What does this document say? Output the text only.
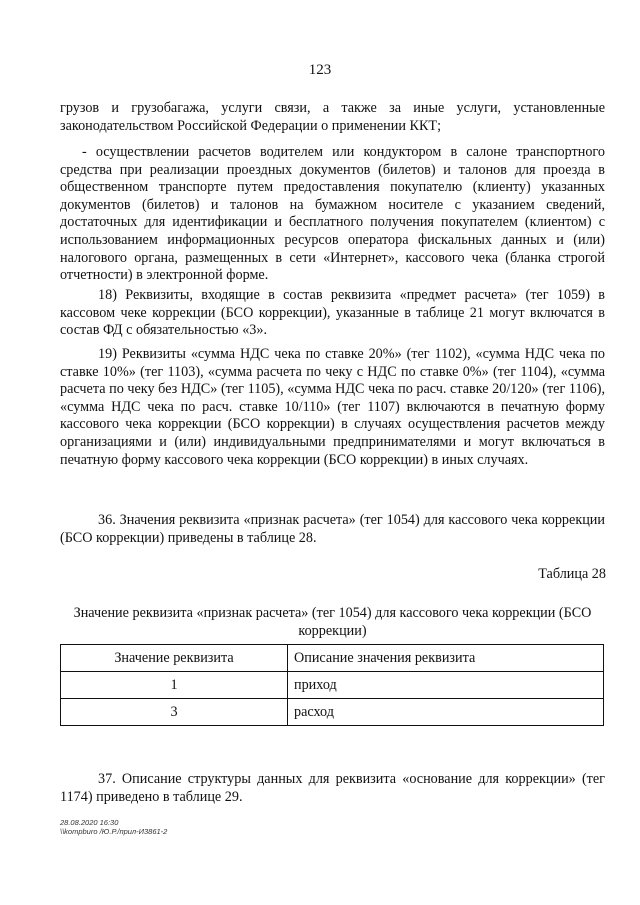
123

грузов и грузобагажа, услуги связи, а также за иные услуги, установленные законодательством Российской Федерации о применении ККТ;

- осуществлении расчетов водителем или кондуктором в салоне транспортного средства при реализации проездных документов (билетов) и талонов для проезда в общественном транспорте путем предоставления покупателю (клиенту) указанных документов (билетов) и талонов на бумажном носителе с указанием сведений, достаточных для идентификации и бесплатного получения покупателем (клиентом) с использованием информационных ресурсов оператора фискальных данных и (или) налогового органа, размещенных в сети «Интернет», кассового чека (бланка строгой отчетности) в электронной форме.

18) Реквизиты, входящие в состав реквизита «предмет расчета» (тег 1059) в кассовом чеке коррекции (БСО коррекции), указанные в таблице 21 могут включатся в состав ФД с обязательностью «3».

19) Реквизиты «сумма НДС чека по ставке 20%» (тег 1102), «сумма НДС чека по ставке 10%» (тег 1103), «сумма расчета по чеку с НДС по ставке 0%» (тег 1104), «сумма расчета по чеку без НДС» (тег 1105), «сумма НДС чека по расч. ставке 20/120» (тег 1106), «сумма НДС чека по расч. ставке 10/110» (тег 1107) включаются в печатную форму кассового чека коррекции (БСО коррекции) в случаях осуществления расчетов между организациями и (или) индивидуальными предпринимателями и могут включаться в печатную форму кассового чека коррекции (БСО коррекции) в иных случаях.

36. Значения реквизита «признак расчета» (тег 1054) для кассового чека коррекции (БСО коррекции) приведены в таблице 28.

Таблица 28

Значение реквизита «признак расчета» (тег 1054) для кассового чека коррекции (БСО коррекции)

Значение реквизита	Описание значения реквизита
1	приход
3	расход

37. Описание структуры данных для реквизита «основание для коррекции» (тег 1174) приведено в таблице 29.

28.08.2020 16:30
\\kompburo /Ю.Р./прил-И3861-2
